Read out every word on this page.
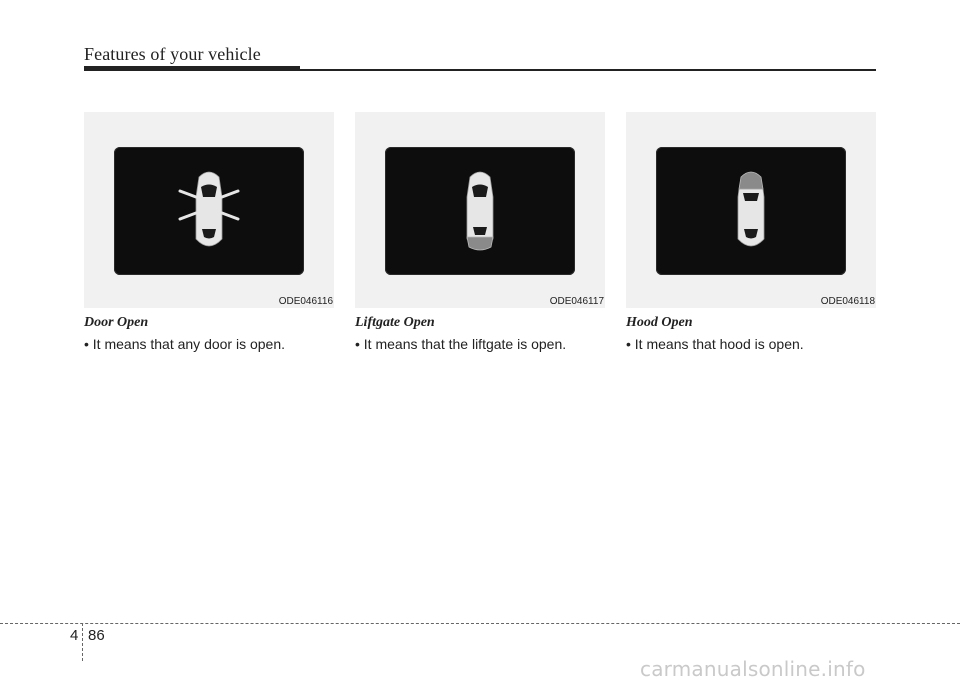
Features of your vehicle
ODE046116
Door Open
• It means that any door is open.
ODE046117
Liftgate Open
• It means that the liftgate is open.
ODE046118
Hood Open
• It means that hood is open.
4 86
carmanualsonline.info
